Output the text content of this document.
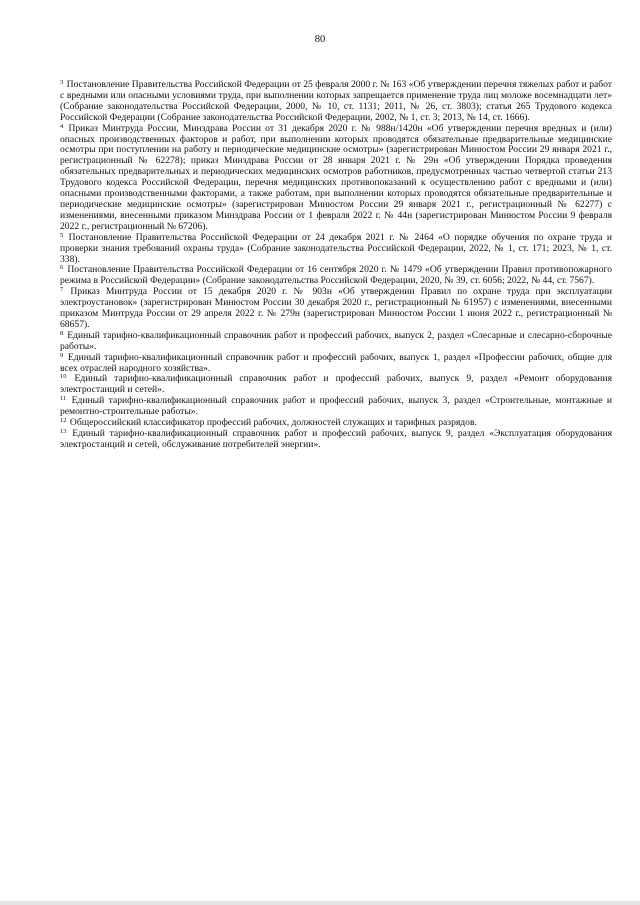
80

$^3$ Постановление Правительства Российской Федерации от 25 февраля 2000 г. № 163 «Об утверждении перечня тяжелых работ и работ с вредными или опасными условиями труда, при выполнении которых запрещается применение труда лиц моложе восемнадцати лет» (Собрание законодательства Российской Федерации, 2000, № 10, ст. 1131; 2011, № 26, ст. 3803); статья 265 Трудового кодекса Российской Федерации (Собрание законодательства Российской Федерации, 2002, № 1, ст. 3; 2013, № 14, ст. 1666).

$^4$ Приказ Минтруда России, Минздрава России от 31 декабря 2020 г. № 988н/1420н «Об утверждении перечня вредных и (или) опасных производственных факторов и работ, при выполнении которых проводятся обязательные предварительные медицинские осмотры при поступлении на работу и периодические медицинские осмотры» (зарегистрирован Минюстом России 29 января 2021 г., регистрационный № 62278); приказ Минздрава России от 28 января 2021 г. № 29н «Об утверждении Порядка проведения обязательных предварительных и периодических медицинских осмотров работников, предусмотренных частью четвертой статьи 213 Трудового кодекса Российской Федерации, перечня медицинских противопоказаний к осуществлению работ с вредными и (или) опасными производственными факторами, а также работам, при выполнении которых проводятся обязательные предварительные и периодические медицинские осмотры» (зарегистрирован Минюстом России 29 января 2021 г., регистрационный № 62277) с изменениями, внесенными приказом Минздрава России от 1 февраля 2022 г. № 44н (зарегистрирован Минюстом России 9 февраля 2022 г., регистрационный № 67206).

$^5$ Постановление Правительства Российской Федерации от 24 декабря 2021 г. № 2464 «О порядке обучения по охране труда и проверки знания требований охраны труда» (Собрание законодательства Российской Федерации, 2022, № 1, ст. 171; 2023, № 1, ст. 338).

$^6$ Постановление Правительства Российской Федерации от 16 сентября 2020 г. № 1479 «Об утверждении Правил противопожарного режима в Российской Федерации» (Собрание законодательства Российской Федерации, 2020, № 39, ст. 6056; 2022, № 44, ст. 7567).

$^7$ Приказ Минтруда России от 15 декабря 2020 г. № 903н «Об утверждении Правил по охране труда при эксплуатации электроустановок» (зарегистрирован Минюстом России 30 декабря 2020 г., регистрационный № 61957) с изменениями, внесенными приказом Минтруда России от 29 апреля 2022 г. № 279н (зарегистрирован Минюстом России 1 июня 2022 г., регистрационный № 68657).

$^8$ Единый тарифно-квалификационный справочник работ и профессий рабочих, выпуск 2, раздел «Слесарные и слесарно-сборочные работы».

$^9$ Единый тарифно-квалификационный справочник работ и профессий рабочих, выпуск 1, раздел «Профессии рабочих, общие для всех отраслей народного хозяйства».

$^{10}$ Единый тарифно-квалификационный справочник работ и профессий рабочих, выпуск 9, раздел «Ремонт оборудования электростанций и сетей».

$^{11}$ Единый тарифно-квалификационный справочник работ и профессий рабочих, выпуск 3, раздел «Строительные, монтажные и ремонтно-строительные работы».

$^{12}$ Общероссийский классификатор профессий рабочих, должностей служащих и тарифных разрядов.

$^{13}$ Единый тарифно-квалификационный справочник работ и профессий рабочих, выпуск 9, раздел «Эксплуатация оборудования электростанций и сетей, обслуживание потребителей энергии».
